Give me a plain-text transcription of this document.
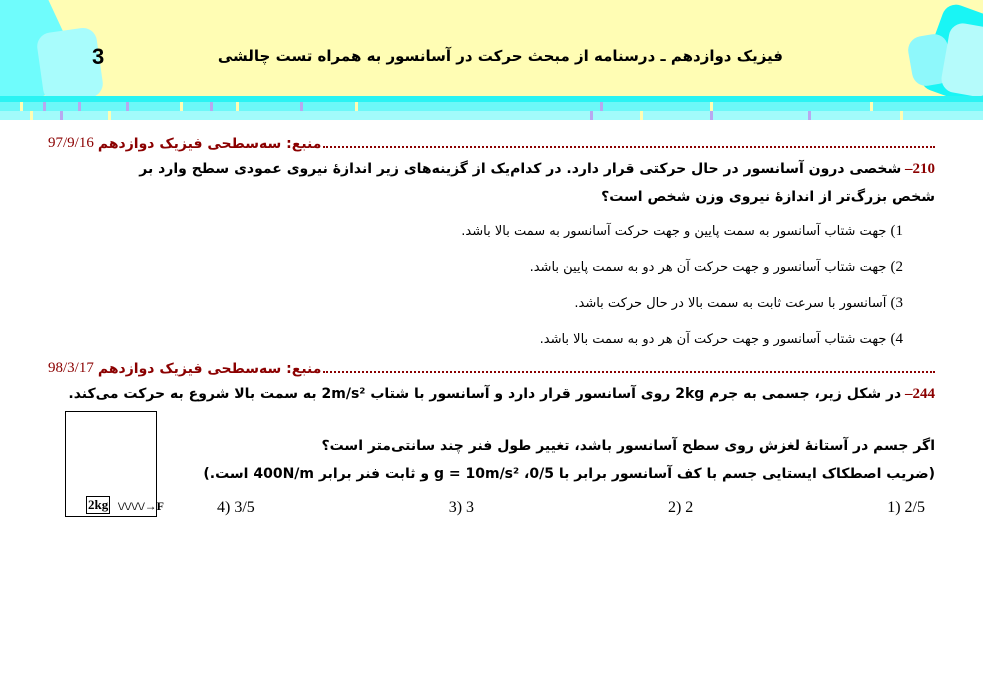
3	فیزیک دوازدهم ـ درسنامه از مبحث حرکت در آسانسور به همراه تست چالشی
منبع: سه‌سطحی فیزیک دوازدهم
97/9/16
210– شخصی درون آسانسور در حال حرکتی قرار دارد. در کدام‌یک از گزینه‌های زیر اندازهٔ نیروی عمودی سطح وارد بر
شخص بزرگ‌تر از اندازهٔ نیروی وزن شخص است؟
1) جهت شتاب آسانسور به سمت پایین و جهت حرکت آسانسور به سمت بالا باشد.
2) جهت شتاب آسانسور و جهت حرکت آن هر دو به سمت پایین باشد.
3) آسانسور با سرعت ثابت به سمت بالا در حال حرکت باشد.
4) جهت شتاب آسانسور و جهت حرکت آن هر دو به سمت بالا باشد.
منبع: سه‌سطحی فیزیک دوازدهم
98/3/17
244– در شکل زیر، جسمی به جرم 2kg روی آسانسور قرار دارد و آسانسور با شتاب 2m/s² به سمت بالا شروع به حرکت می‌کند.
2kg \/\/\/\/→F
اگر جسم در آستانهٔ لغزش روی سطح آسانسور باشد، تغییر طول فنر چند سانتی‌متر است؟
(ضریب اصطکاک ایستایی جسم با کف آسانسور برابر با 0/5، g = 10m/s² و ثابت فنر برابر 400N/m است.)
2/5 (1
2 (2
3 (3
3/5 (4
